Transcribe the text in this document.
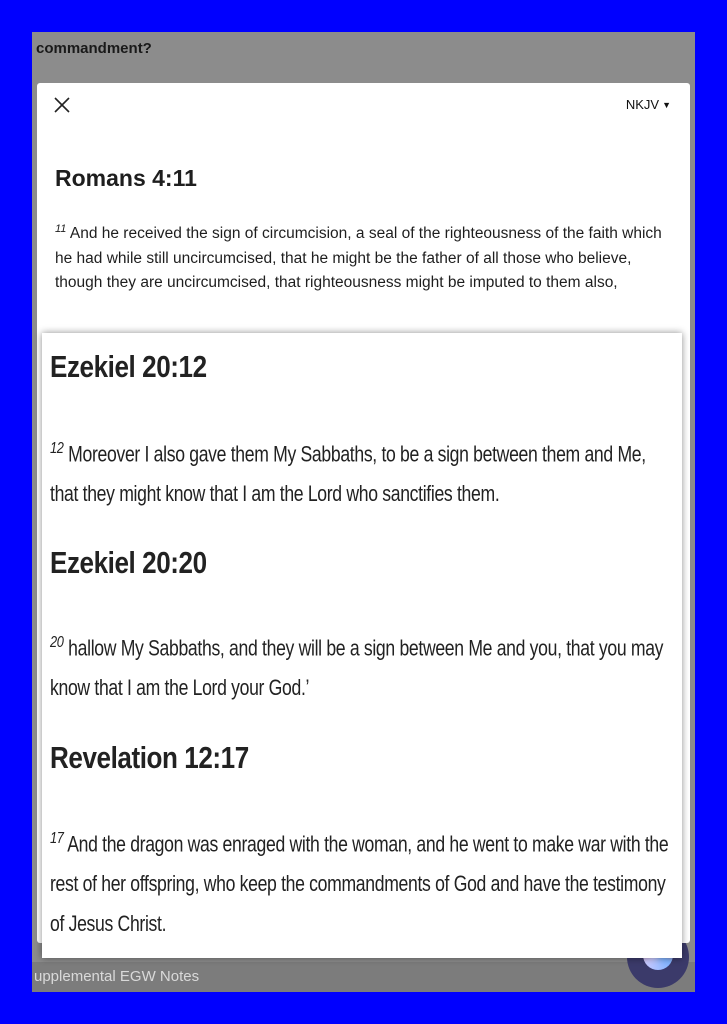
commandment?
upplemental EGW Notes
NKJV ▼
Romans 4:11

$^{11}$ And he received the sign of circumcision, a seal of the righteousness of the faith which he had while still uncircumcised, that he might be the father of all those who believe, though they are uncircumcised, that righteousness might be imputed to them also,

Ezekiel 20:12

$^{12}$ Moreover I also gave them My Sabbaths, to be a sign between them and Me, that they might know that I am the Lord who sanctifies them.

Ezekiel 20:20

$^{20}$ hallow My Sabbaths, and they will be a sign between Me and you, that you may know that I am the Lord your God.’

Revelation 12:17

$^{17}$ And the dragon was enraged with the woman, and he went to make war with the rest of her offspring, who keep the commandments of God and have the testimony of Jesus Christ.
